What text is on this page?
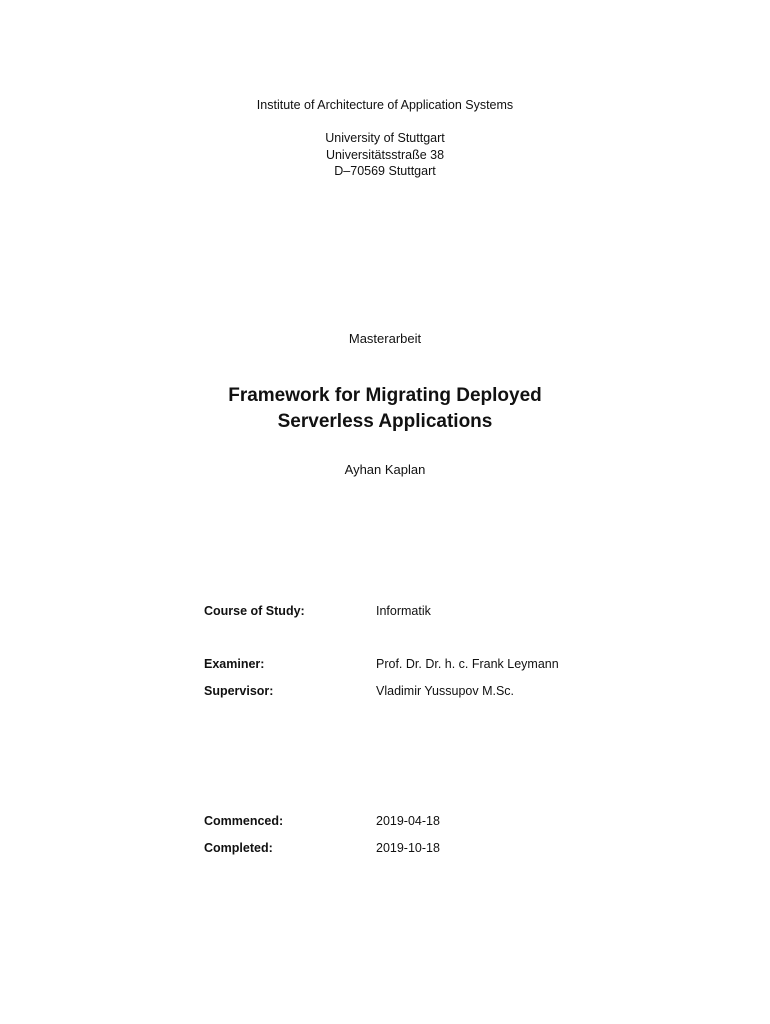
Institute of Architecture of Application Systems
University of Stuttgart
Universitätsstraße 38
D–70569 Stuttgart
Masterarbeit
Framework for Migrating Deployed
Serverless Applications
Ayhan Kaplan
Course of Study:	Informatik
Examiner:	Prof. Dr. Dr. h. c. Frank Leymann
Supervisor:	Vladimir Yussupov M.Sc.
Commenced:	2019-04-18
Completed:	2019-10-18
